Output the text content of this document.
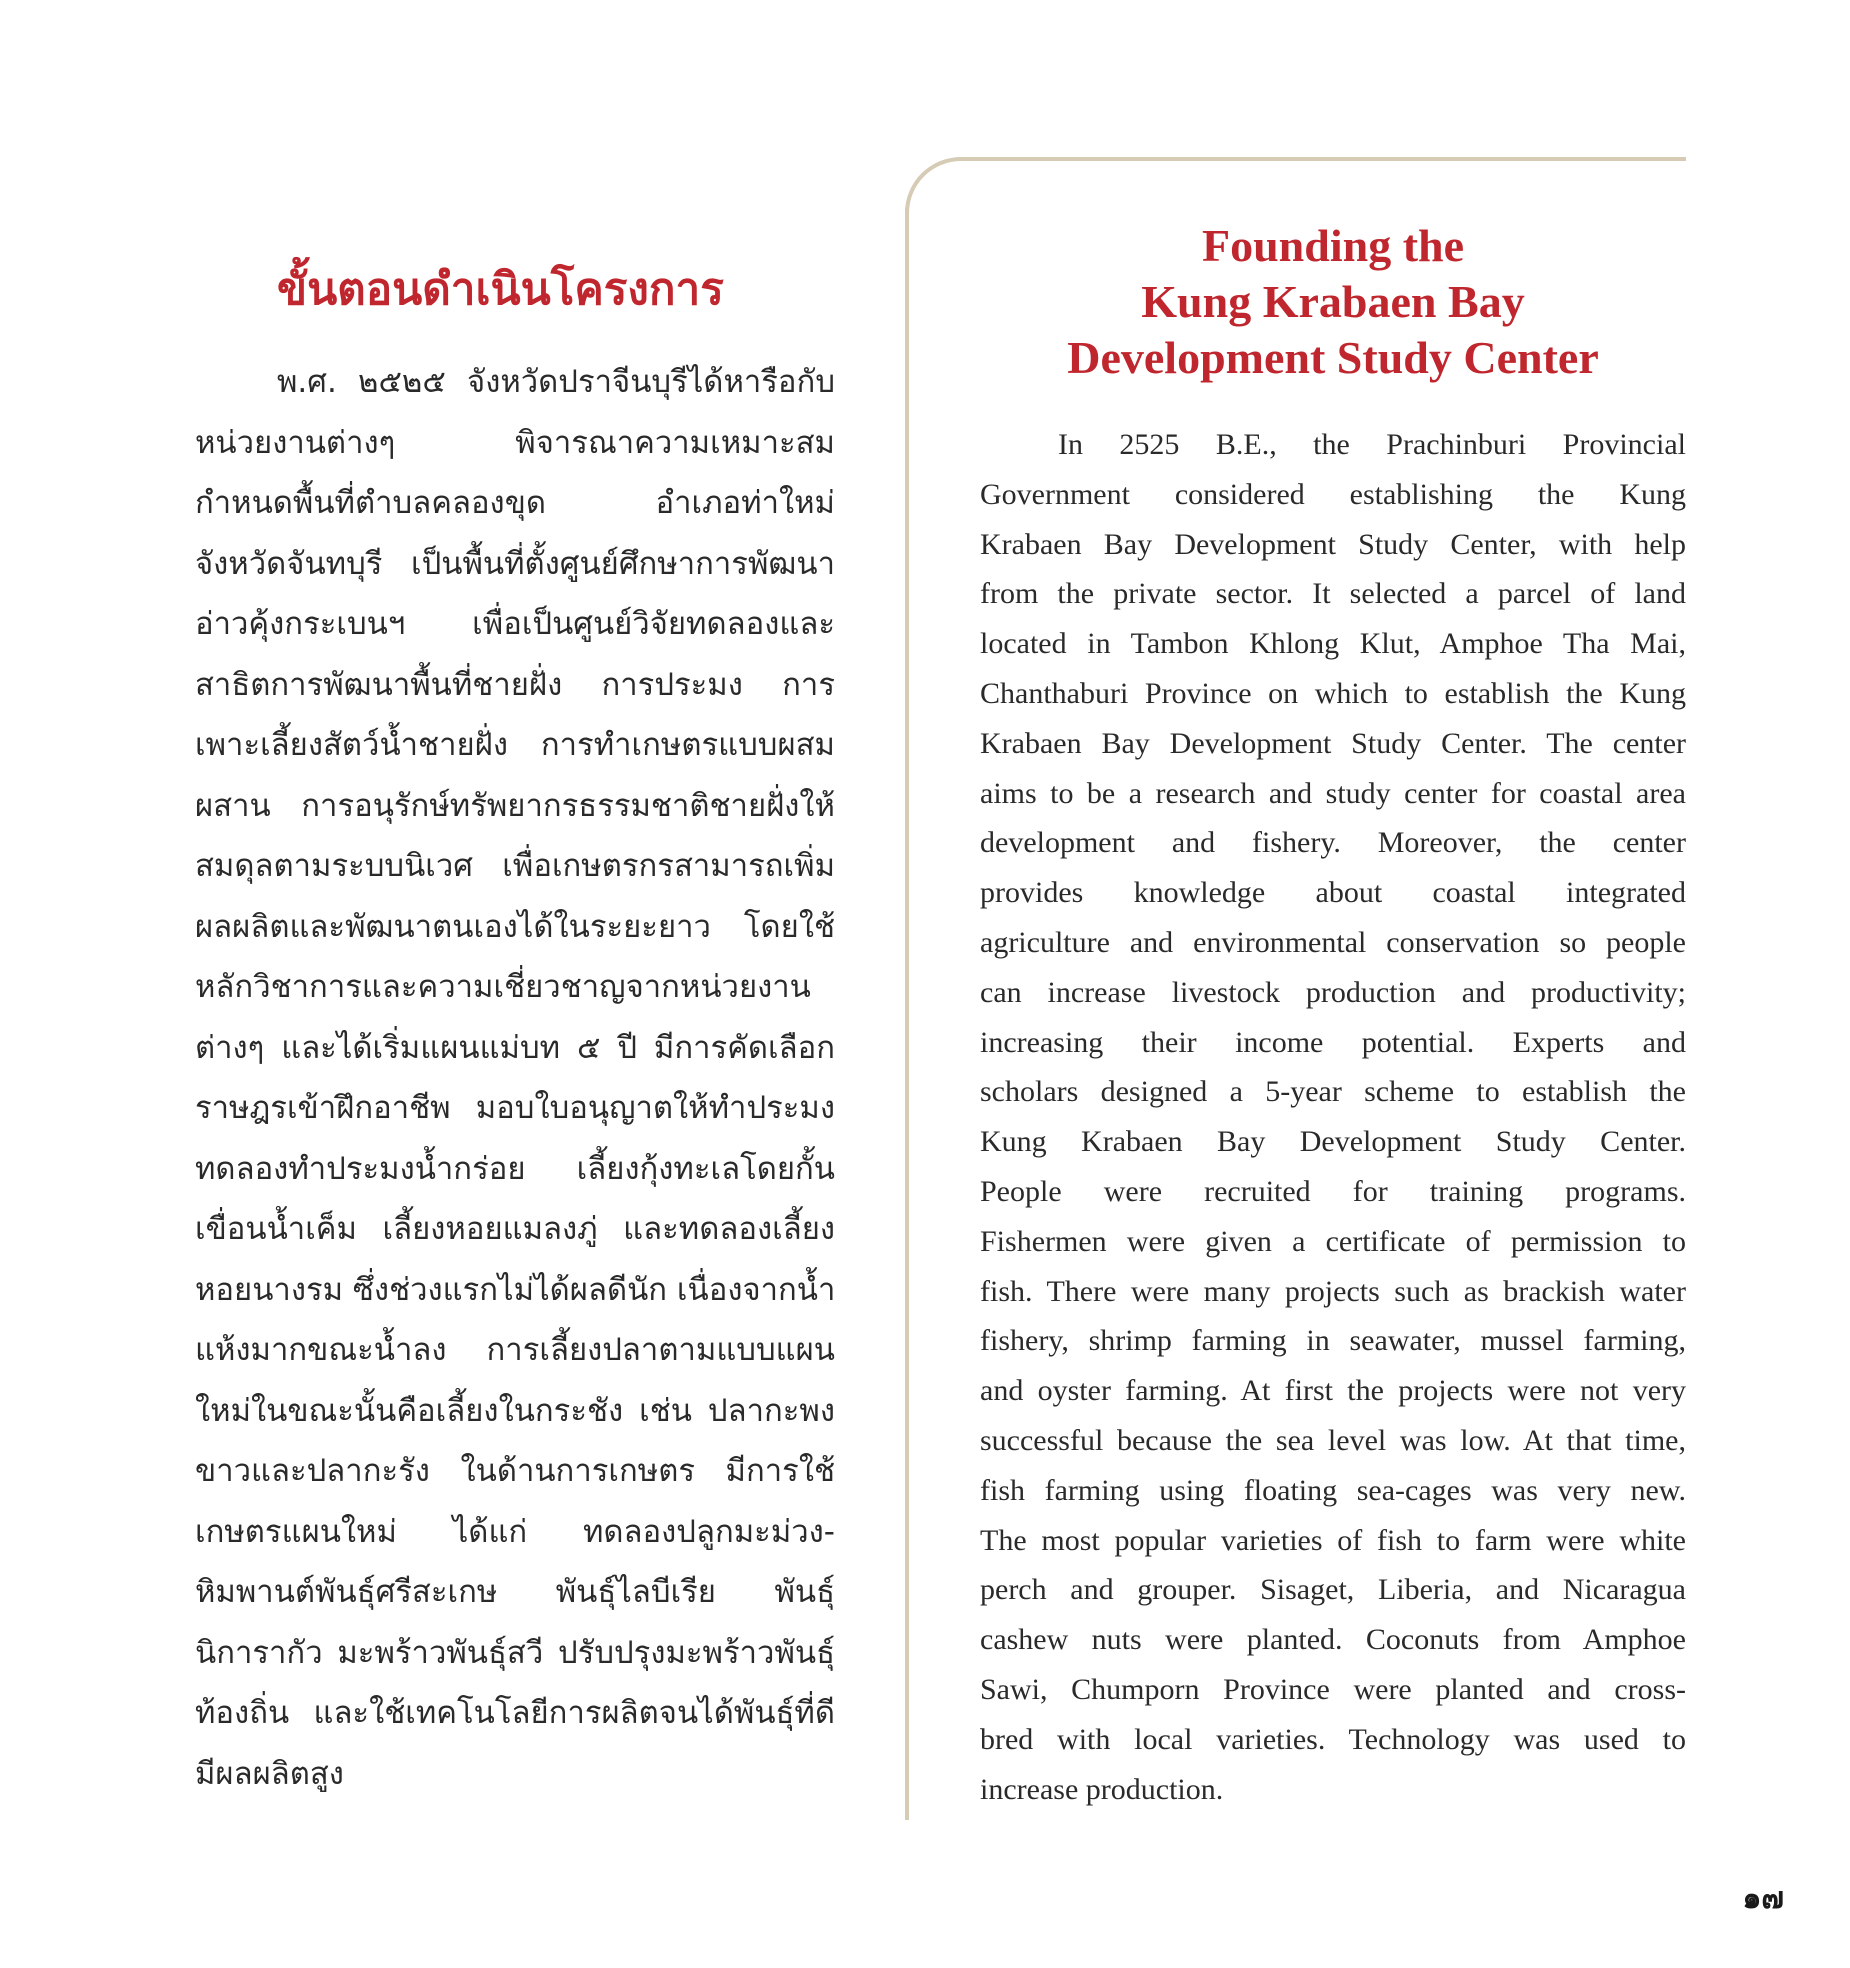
ขั้นตอนดำเนินโครงการ
พ.ศ. ๒๕๒๕ จังหวัดปราจีนบุรีได้หารือกับ
หน่วยงานต่างๆ พิจารณาความเหมาะสม
กำหนดพื้นที่ตำบลคลองขุด อำเภอท่าใหม่
จังหวัดจันทบุรี เป็นพื้นที่ตั้งศูนย์ศึกษาการพัฒนา
อ่าวคุ้งกระเบนฯ เพื่อเป็นศูนย์วิจัยทดลองและ
สาธิตการพัฒนาพื้นที่ชายฝั่ง การประมง การ
เพาะเลี้ยงสัตว์น้ำชายฝั่ง การทำเกษตรแบบผสม
ผสาน การอนุรักษ์ทรัพยากรธรรมชาติชายฝั่งให้
สมดุลตามระบบนิเวศ เพื่อเกษตรกรสามารถเพิ่ม
ผลผลิตและพัฒนาตนเองได้ในระยะยาว โดยใช้
หลักวิชาการและความเชี่ยวชาญจากหน่วยงาน
ต่างๆ และได้เริ่มแผนแม่บท ๕ ปี มีการคัดเลือก
ราษฎรเข้าฝึกอาชีพ มอบใบอนุญาตให้ทำประมง
ทดลองทำประมงน้ำกร่อย เลี้ยงกุ้งทะเลโดยกั้น
เขื่อนน้ำเค็ม เลี้ยงหอยแมลงภู่ และทดลองเลี้ยง
หอยนางรม ซึ่งช่วงแรกไม่ได้ผลดีนัก เนื่องจากน้ำ
แห้งมากขณะน้ำลง การเลี้ยงปลาตามแบบแผน
ใหม่ในขณะนั้นคือเลี้ยงในกระชัง เช่น ปลากะพง
ขาวและปลากะรัง ในด้านการเกษตร มีการใช้
เกษตรแผนใหม่ ได้แก่ ทดลองปลูกมะม่วง-
หิมพานต์พันธุ์ศรีสะเกษ พันธุ์ไลบีเรีย พันธุ์
นิการากัว มะพร้าวพันธุ์สวี ปรับปรุงมะพร้าวพันธุ์
ท้องถิ่น และใช้เทคโนโลยีการผลิตจนได้พันธุ์ที่ดี
มีผลผลิตสูง
Founding the
Kung Krabaen Bay
Development Study Center
In 2525 B.E., the Prachinburi Provincial
Government considered establishing the Kung
Krabaen Bay Development Study Center, with help
from the private sector. It selected a parcel of land
located in Tambon Khlong Klut, Amphoe Tha Mai,
Chanthaburi Province on which to establish the Kung
Krabaen Bay Development Study Center. The center
aims to be a research and study center for coastal area
development and fishery. Moreover, the center
provides knowledge about coastal integrated
agriculture and environmental conservation so people
can increase livestock production and productivity;
increasing their income potential. Experts and
scholars designed a 5-year scheme to establish the
Kung Krabaen Bay Development Study Center.
People were recruited for training programs.
Fishermen were given a certificate of permission to
fish. There were many projects such as brackish water
fishery, shrimp farming in seawater, mussel farming,
and oyster farming. At first the projects were not very
successful because the sea level was low. At that time,
fish farming using floating sea-cages was very new.
The most popular varieties of fish to farm were white
perch and grouper. Sisaget, Liberia, and Nicaragua
cashew nuts were planted. Coconuts from Amphoe
Sawi, Chumporn Province were planted and cross-
bred with local varieties. Technology was used to
increase production.
๑๗
